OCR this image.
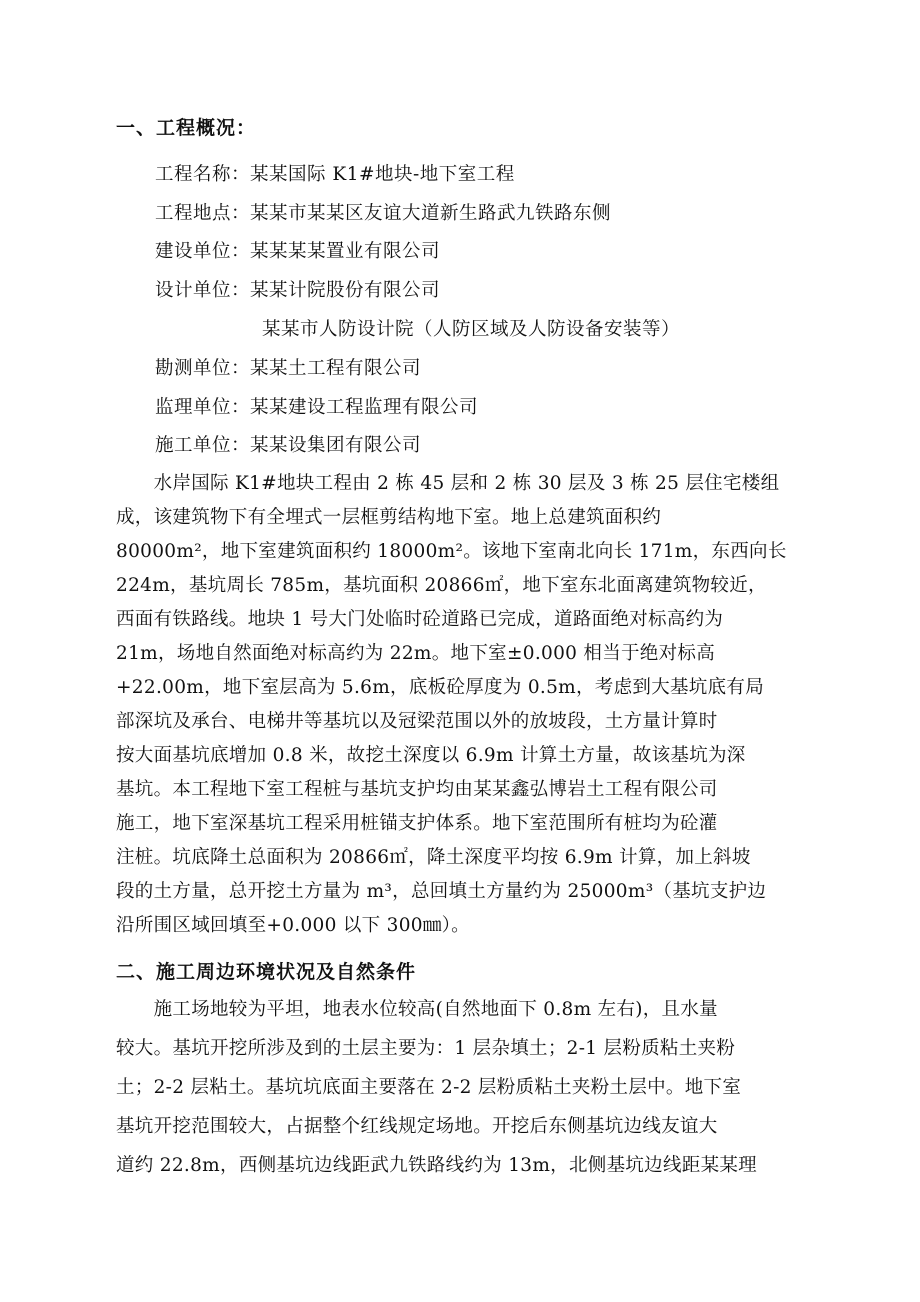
一、工程概况：
工程名称：某某国际 K1#地块-地下室工程
工程地点：某某市某某区友谊大道新生路武九铁路东侧
建设单位：某某某某置业有限公司
设计单位：某某计院股份有限公司
某某市人防设计院（人防区域及人防设备安装等）
勘测单位：某某土工程有限公司
监理单位：某某建设工程监理有限公司
施工单位：某某设集团有限公司
　　水岸国际 K1#地块工程由 2 栋 45 层和 2 栋 30 层及 3 栋 25 层住宅楼组
成，该建筑物下有全埋式一层框剪结构地下室。地上总建筑面积约
80000m²，地下室建筑面积约 18000m²。该地下室南北向长 171m，东西向长
224m，基坑周长 785m，基坑面积 20866㎡，地下室东北面离建筑物较近，
西面有铁路线。地块 1 号大门处临时砼道路已完成，道路面绝对标高约为
21m，场地自然面绝对标高约为 22m。地下室±0.000 相当于绝对标高
+22.00m，地下室层高为 5.6m，底板砼厚度为 0.5m，考虑到大基坑底有局
部深坑及承台、电梯井等基坑以及冠梁范围以外的放坡段，土方量计算时
按大面基坑底增加 0.8 米，故挖土深度以 6.9m 计算土方量，故该基坑为深
基坑。本工程地下室工程桩与基坑支护均由某某鑫弘博岩土工程有限公司
施工，地下室深基坑工程采用桩锚支护体系。地下室范围所有桩均为砼灌
注桩。坑底降土总面积为 20866㎡，降土深度平均按 6.9m 计算，加上斜坡
段的土方量，总开挖土方量为 m³，总回填土方量约为 25000m³（基坑支护边
沿所围区域回填至+0.000 以下 300㎜）。
二、施工周边环境状况及自然条件
　　施工场地较为平坦，地表水位较高(自然地面下 0.8m 左右)，且水量
较大。基坑开挖所涉及到的土层主要为：1 层杂填土；2-1 层粉质粘土夹粉
土；2-2 层粘土。基坑坑底面主要落在 2-2 层粉质粘土夹粉土层中。地下室
基坑开挖范围较大，占据整个红线规定场地。开挖后东侧基坑边线友谊大
道约 22.8m，西侧基坑边线距武九铁路线约为 13m，北侧基坑边线距某某理
